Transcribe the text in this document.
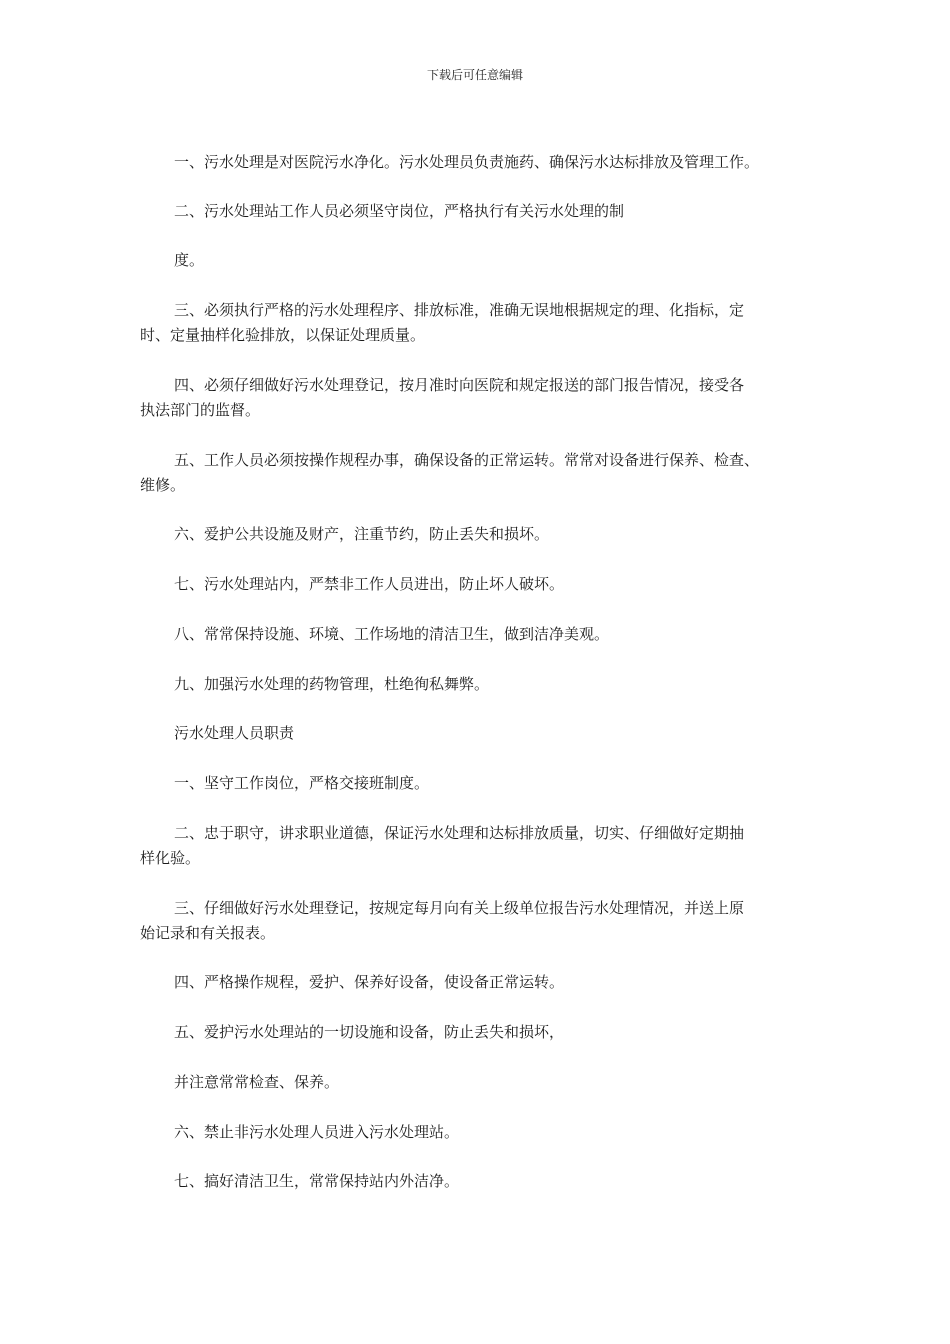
下载后可任意编辑
一、污水处理是对医院污水净化。污水处理员负责施药、确保污水达标排放及管理工作。
二、污水处理站工作人员必须坚守岗位，严格执行有关污水处理的制
度。
三、必须执行严格的污水处理程序、排放标准，准确无误地根据规定的理、化指标，定
时、定量抽样化验排放，以保证处理质量。
四、必须仔细做好污水处理登记，按月准时向医院和规定报送的部门报告情况，接受各
执法部门的监督。
五、工作人员必须按操作规程办事，确保设备的正常运转。常常对设备进行保养、检查、
维修。
六、爱护公共设施及财产，注重节约，防止丢失和损坏。
七、污水处理站内，严禁非工作人员进出，防止坏人破坏。
八、常常保持设施、环境、工作场地的清洁卫生，做到洁净美观。
九、加强污水处理的药物管理，杜绝徇私舞弊。
污水处理人员职责
一、坚守工作岗位，严格交接班制度。
二、忠于职守，讲求职业道德，保证污水处理和达标排放质量，切实、仔细做好定期抽
样化验。
三、仔细做好污水处理登记，按规定每月向有关上级单位报告污水处理情况，并送上原
始记录和有关报表。
四、严格操作规程，爱护、保养好设备，使设备正常运转。
五、爱护污水处理站的一切设施和设备，防止丢失和损坏，
并注意常常检查、保养。
六、禁止非污水处理人员进入污水处理站。
七、搞好清洁卫生，常常保持站内外洁净。
